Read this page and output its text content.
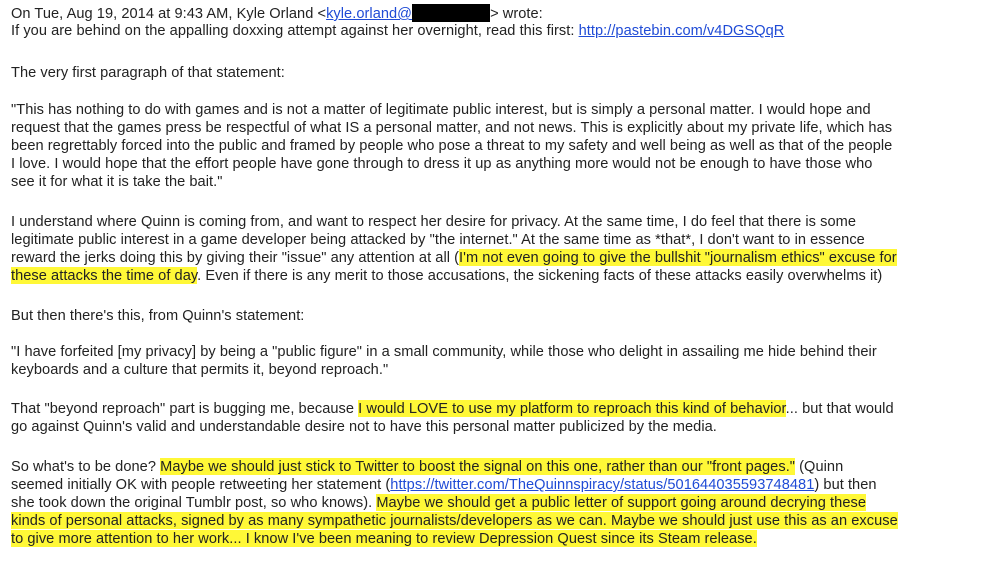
On Tue, Aug 19, 2014 at 9:43 AM, Kyle Orland <kyle.orland@	> wrote:
If you are behind on the appalling doxxing attempt against her overnight, read this first: http://pastebin.com/v4DGSQqR
The very first paragraph of that statement:
"This has nothing to do with games and is not a matter of legitimate public interest, but is simply a personal matter. I would hope and
request that the games press be respectful of what IS a personal matter, and not news. This is explicitly about my private life, which has
been regrettably forced into the public and framed by people who pose a threat to my safety and well being as well as that of the people
I love. I would hope that the effort people have gone through to dress it up as anything more would not be enough to have those who
see it for what it is take the bait."
I understand where Quinn is coming from, and want to respect her desire for privacy. At the same time, I do feel that there is some
legitimate public interest in a game developer being attacked by "the internet." At the same time as *that*, I don't want to in essence
reward the jerks doing this by giving their "issue" any attention at all (I'm not even going to give the bullshit "journalism ethics" excuse for
these attacks the time of day. Even if there is any merit to those accusations, the sickening facts of these attacks easily overwhelms it)
But then there's this, from Quinn's statement:
"I have forfeited [my privacy] by being a "public figure" in a small community, while those who delight in assailing me hide behind their
keyboards and a culture that permits it, beyond reproach."
That "beyond reproach" part is bugging me, because I would LOVE to use my platform to reproach this kind of behavior... but that would
go against Quinn's valid and understandable desire not to have this personal matter publicized by the media.
So what's to be done? Maybe we should just stick to Twitter to boost the signal on this one, rather than our "front pages." (Quinn
seemed initially OK with people retweeting her statement (https://twitter.com/TheQuinnspiracy/status/501644035593748481) but then
she took down the original Tumblr post, so who knows). Maybe we should get a public letter of support going around decrying these
kinds of personal attacks, signed by as many sympathetic journalists/developers as we can. Maybe we should just use this as an excuse
to give more attention to her work... I know I've been meaning to review Depression Quest since its Steam release.
